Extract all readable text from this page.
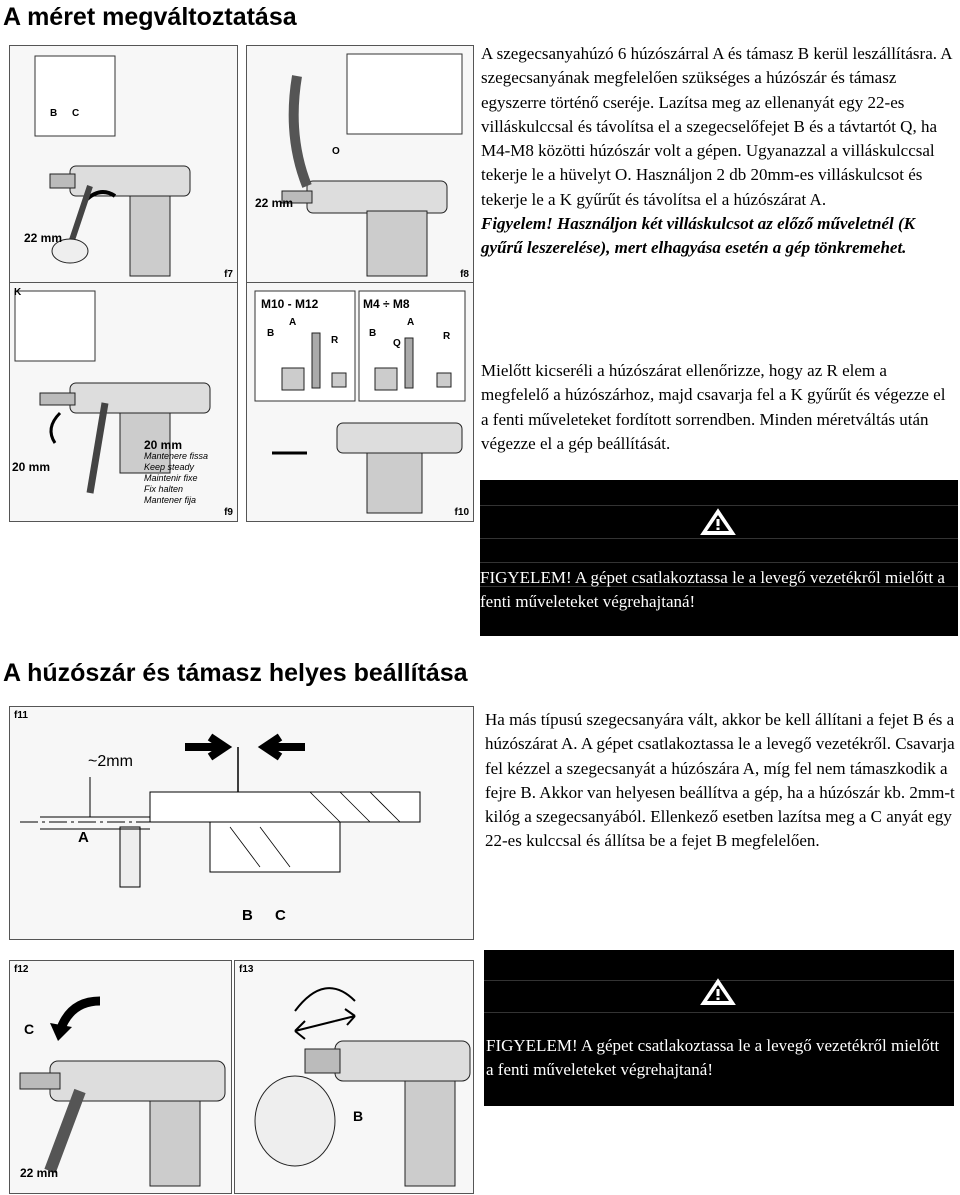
A méret megváltoztatása
B C
22 mm
f7
O
22 mm
f8
K
20 mm
20 mm
Mantenere fissa
Keep steady
Maintenir fixe
Fix halten
Mantener fija
f9
M10 - M12	M4 ÷ M8
B
A
R
B
Q
A
R
f10

A szegecsanyahúzó 6 húzószárral A és támasz B kerül leszállításra. A szegecsanyának megfelelően szükséges a húzószár és támasz egyszerre történő cseréje. Lazítsa meg az ellenanyát egy 22-es villáskulccsal és távolítsa el a szegecselőfejet B és a távtartót Q, ha M4-M8 közötti húzószár volt a gépen. Ugyanazzal a villáskulccsal tekerje le a hüvelyt O. Használjon 2 db 20mm-es villáskulcsot és tekerje le a K gyűrűt és távolítsa el a húzószárat A.

Figyelem! Használjon két villáskulcsot az előző műveletnél (K gyűrű leszerelése), mert elhagyása esetén a gép tönkremehet.

Mielőtt kicseréli a húzószárat ellenőrizze, hogy az R elem a megfelelő a húzószárhoz, majd csavarja fel a K gyűrűt és végezze el a fenti műveleteket fordított sorrendben. Minden méretváltás után végezze el a gép beállítását.

FIGYELEM! A gépet csatlakoztassa le a levegő vezetékről mielőtt a fenti műveleteket végrehajtaná!
A húzószár és támasz helyes beállítása
f11
~2mm
A
B C

Ha más típusú szegecsanyára vált, akkor be kell állítani a fejet B és a húzószárat A. A gépet csatlakoztassa le a levegő vezetékről. Csavarja fel kézzel a szegecsanyát a húzószára A, míg fel nem támaszkodik a fejre B. Akkor van helyesen beállítva a gép, ha a húzószár kb. 2mm-t kilóg a szegecsanyából. Ellenkező esetben lazítsa meg a C anyát egy 22-es kulccsal és állítsa be a fejet B megfelelően.

f12
C
22 mm
f13
B
FIGYELEM! A gépet csatlakoztassa le a levegő vezetékről mielőtt a fenti műveleteket végrehajtaná!
